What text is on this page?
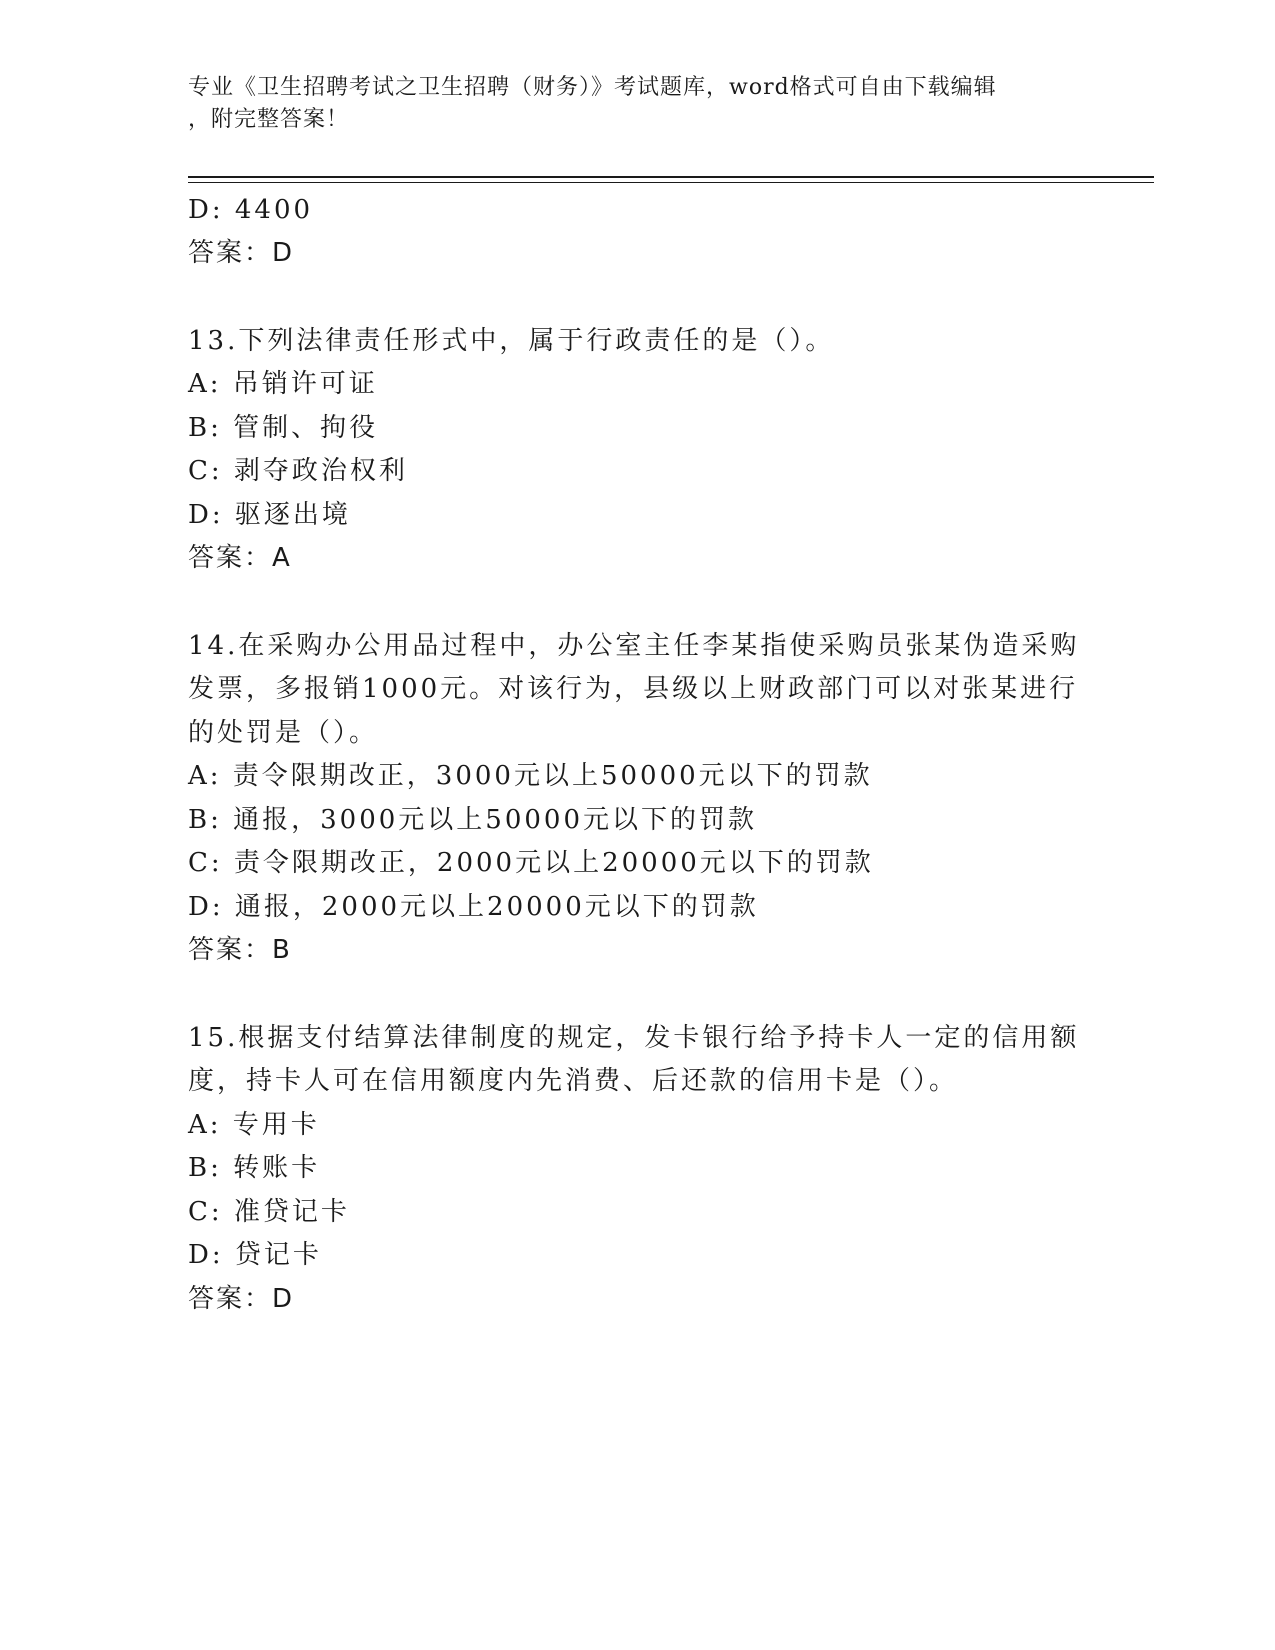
专业《卫生招聘考试之卫生招聘（财务）》考试题库，word格式可自由下载编辑
，附完整答案！
D: 4400
答案：D
13.下列法律责任形式中，属于行政责任的是（）。
A: 吊销许可证
B: 管制、拘役
C: 剥夺政治权利
D: 驱逐出境
答案：A
14.在采购办公用品过程中，办公室主任李某指使采购员张某伪造采购
发票，多报销1000元。对该行为，县级以上财政部门可以对张某进行
的处罚是（）。
A: 责令限期改正，3000元以上50000元以下的罚款
B: 通报，3000元以上50000元以下的罚款
C: 责令限期改正，2000元以上20000元以下的罚款
D: 通报，2000元以上20000元以下的罚款
答案：B
15.根据支付结算法律制度的规定，发卡银行给予持卡人一定的信用额
度，持卡人可在信用额度内先消费、后还款的信用卡是（）。
A: 专用卡
B: 转账卡
C: 准贷记卡
D: 贷记卡
答案：D
